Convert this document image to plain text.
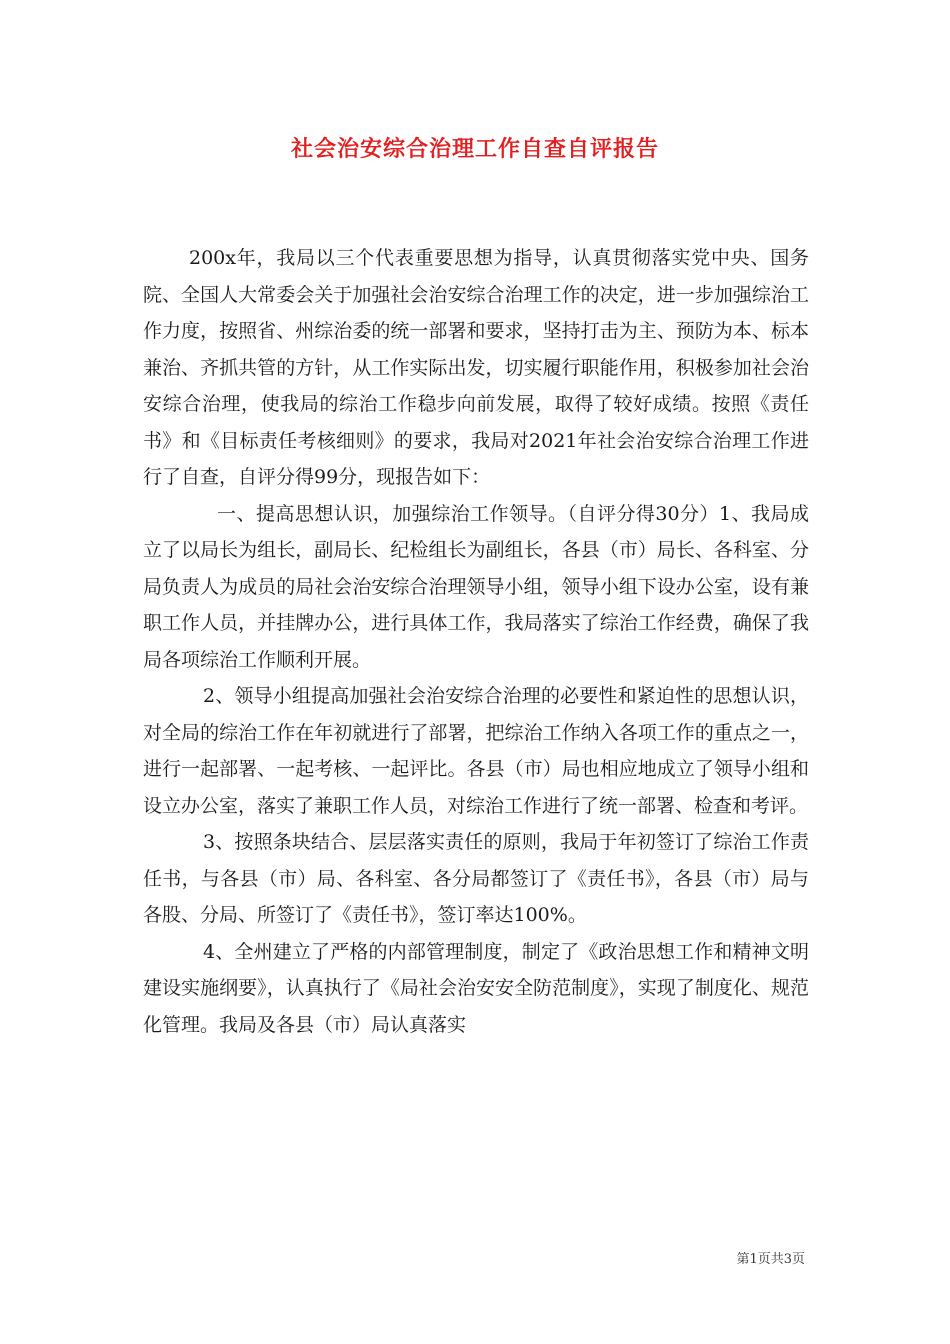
社会治安综合治理工作自查自评报告

200x年，我局以三个代表重要思想为指导，认真贯彻落实党中央、国务院、全国人大常委会关于加强社会治安综合治理工作的决定，进一步加强综治工作力度，按照省、州综治委的统一部署和要求，坚持打击为主、预防为本、标本兼治、齐抓共管的方针，从工作实际出发，切实履行职能作用，积极参加社会治安综合治理，使我局的综治工作稳步向前发展，取得了较好成绩。按照《责任书》和《目标责任考核细则》的要求，我局对2021年社会治安综合治理工作进行了自查，自评分得99分，现报告如下：

一、提高思想认识，加强综治工作领导。（自评分得30分）1、我局成立了以局长为组长，副局长、纪检组长为副组长，各县（市）局长、各科室、分局负责人为成员的局社会治安综合治理领导小组，领导小组下设办公室，设有兼职工作人员，并挂牌办公，进行具体工作，我局落实了综治工作经费，确保了我局各项综治工作顺利开展。

2、领导小组提高加强社会治安综合治理的必要性和紧迫性的思想认识，对全局的综治工作在年初就进行了部署，把综治工作纳入各项工作的重点之一，进行一起部署、一起考核、一起评比。各县（市）局也相应地成立了领导小组和设立办公室，落实了兼职工作人员，对综治工作进行了统一部署、检查和考评。

3、按照条块结合、层层落实责任的原则，我局于年初签订了综治工作责任书，与各县（市）局、各科室、各分局都签订了《责任书》，各县（市）局与各股、分局、所签订了《责任书》，签订率达100%。

4、全州建立了严格的内部管理制度，制定了《政治思想工作和精神文明建设实施纲要》，认真执行了《局社会治安安全防范制度》，实现了制度化、规范化管理。我局及各县（市）局认真落实

第1页共3页
